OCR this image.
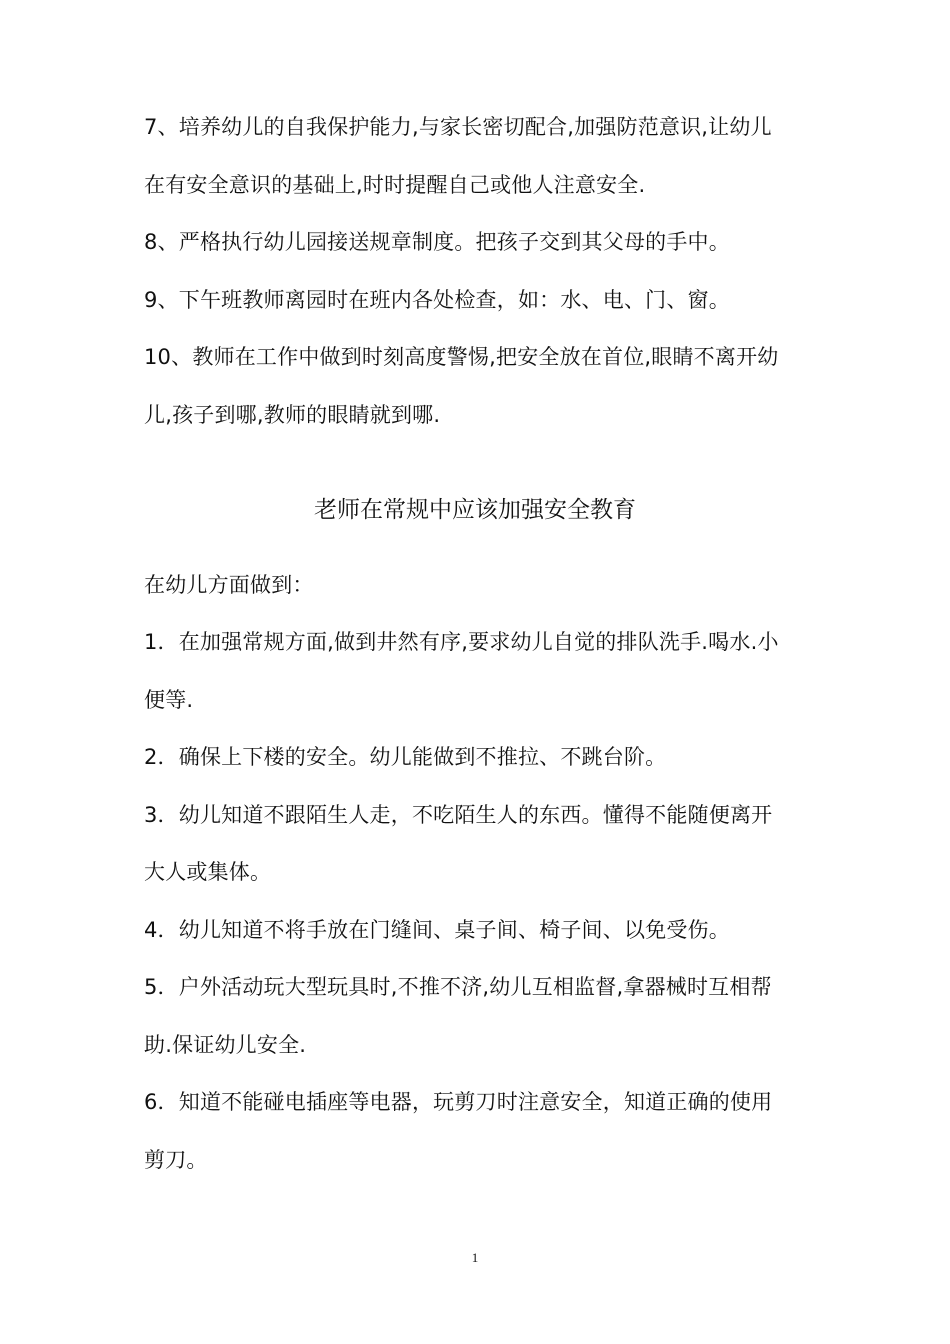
7、培养幼儿的自我保护能力,与家长密切配合,加强防范意识,让幼儿
在有安全意识的基础上,时时提醒自己或他人注意安全.
8、严格执行幼儿园接送规章制度。把孩子交到其父母的手中。
9、下午班教师离园时在班内各处检查，如：水、电、门、窗。
10、教师在工作中做到时刻高度警惕,把安全放在首位,眼睛不离开幼
儿,孩子到哪,教师的眼睛就到哪.
老师在常规中应该加强安全教育
在幼儿方面做到：
1．在加强常规方面,做到井然有序,要求幼儿自觉的排队洗手.喝水.小
便等.
2．确保上下楼的安全。幼儿能做到不推拉、不跳台阶。
3．幼儿知道不跟陌生人走，不吃陌生人的东西。懂得不能随便离开
大人或集体。
4．幼儿知道不将手放在门缝间、桌子间、椅子间、以免受伤。
5．户外活动玩大型玩具时,不推不济,幼儿互相监督,拿器械时互相帮
助.保证幼儿安全.
6．知道不能碰电插座等电器，玩剪刀时注意安全，知道正确的使用
剪刀。
1
